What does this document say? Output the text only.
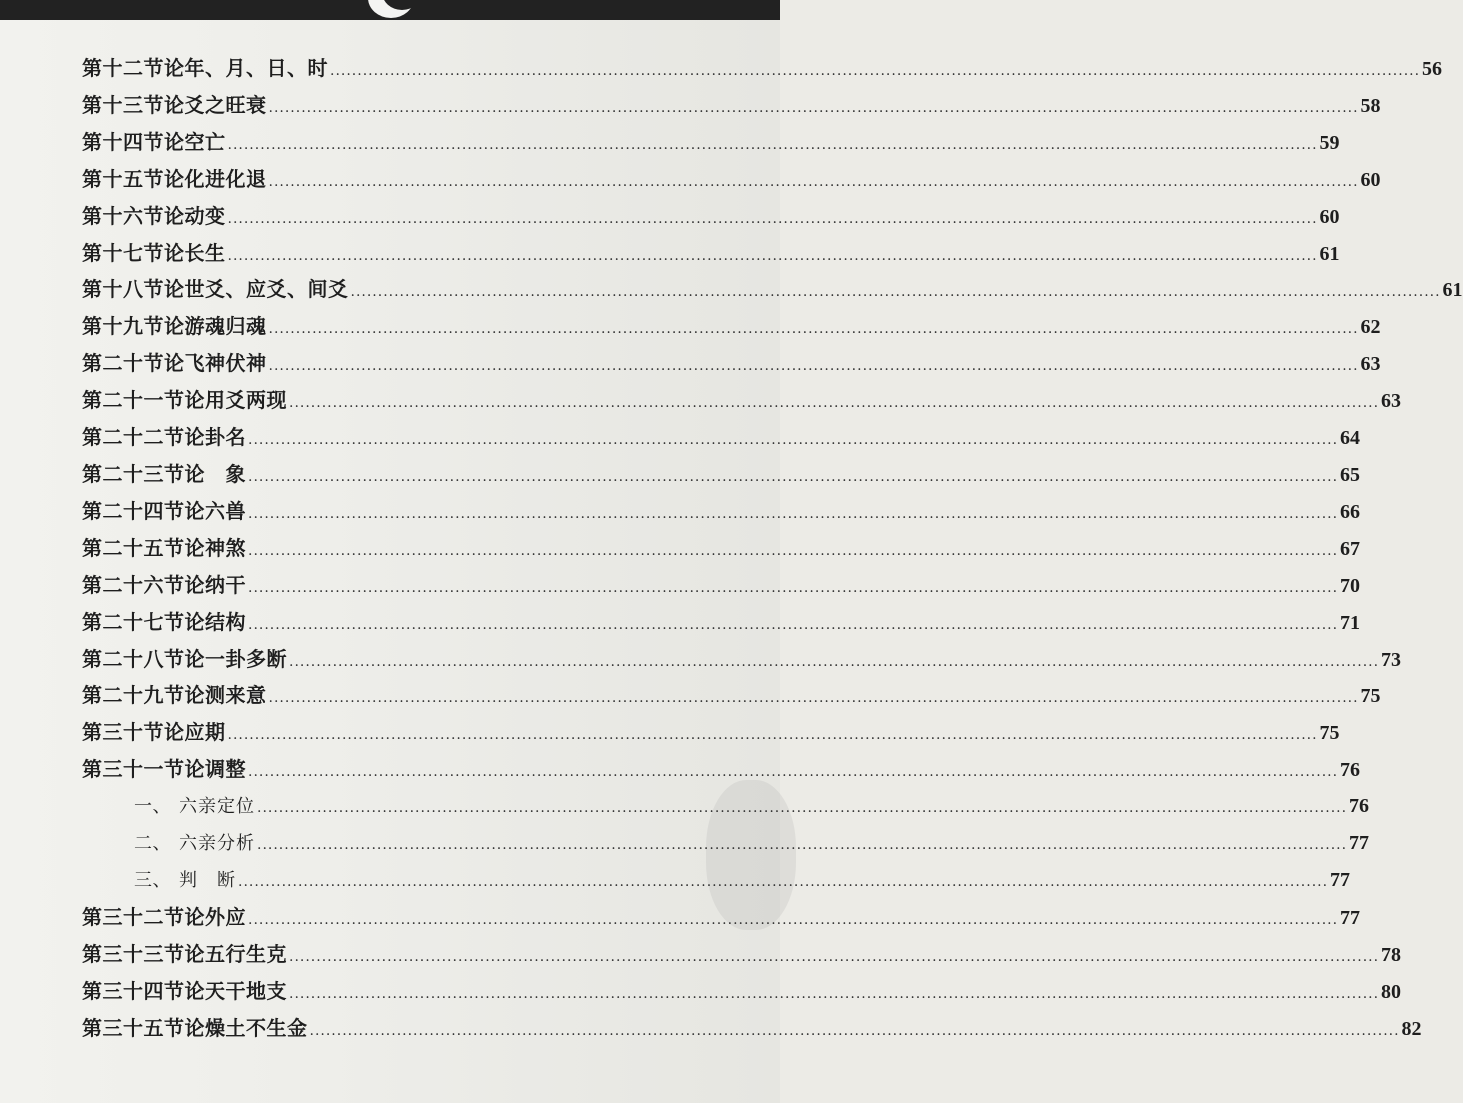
第十二节 论年、月、日、时 ........................................................................................................................................................................................................ 56
第十三节 论爻之旺衰 ........................................................................................................................................................................................................ 58
第十四节 论空亡 ........................................................................................................................................................................................................ 59
第十五节 论化进化退 ........................................................................................................................................................................................................ 60
第十六节 论动变 ........................................................................................................................................................................................................ 60
第十七节 论长生 ........................................................................................................................................................................................................ 61
第十八节 论世爻、应爻、间爻 ........................................................................................................................................................................................................ 61
第十九节 论游魂归魂 ........................................................................................................................................................................................................ 62
第二十节 论飞神伏神 ........................................................................................................................................................................................................ 63
第二十一节 论用爻两现 ........................................................................................................................................................................................................ 63
第二十二节 论卦名 ........................................................................................................................................................................................................ 64
第二十三节 论　象 ........................................................................................................................................................................................................ 65
第二十四节 论六兽 ........................................................................................................................................................................................................ 66
第二十五节 论神煞 ........................................................................................................................................................................................................ 67
第二十六节 论纳干 ........................................................................................................................................................................................................ 70
第二十七节 论结构 ........................................................................................................................................................................................................ 71
第二十八节 论一卦多断 ........................................................................................................................................................................................................ 73
第二十九节 论测来意 ........................................................................................................................................................................................................ 75
第三十节 论应期 ........................................................................................................................................................................................................ 75
第三十一节 论调整 ........................................................................................................................................................................................................ 76
一、 六亲定位 ........................................................................................................................................................................................................ 76
二、 六亲分析 ........................................................................................................................................................................................................ 77
三、 判　断 ........................................................................................................................................................................................................ 77
第三十二节 论外应 ........................................................................................................................................................................................................ 77
第三十三节 论五行生克 ........................................................................................................................................................................................................ 78
第三十四节 论天干地支 ........................................................................................................................................................................................................ 80
第三十五节 论燥土不生金 ........................................................................................................................................................................................................ 82
